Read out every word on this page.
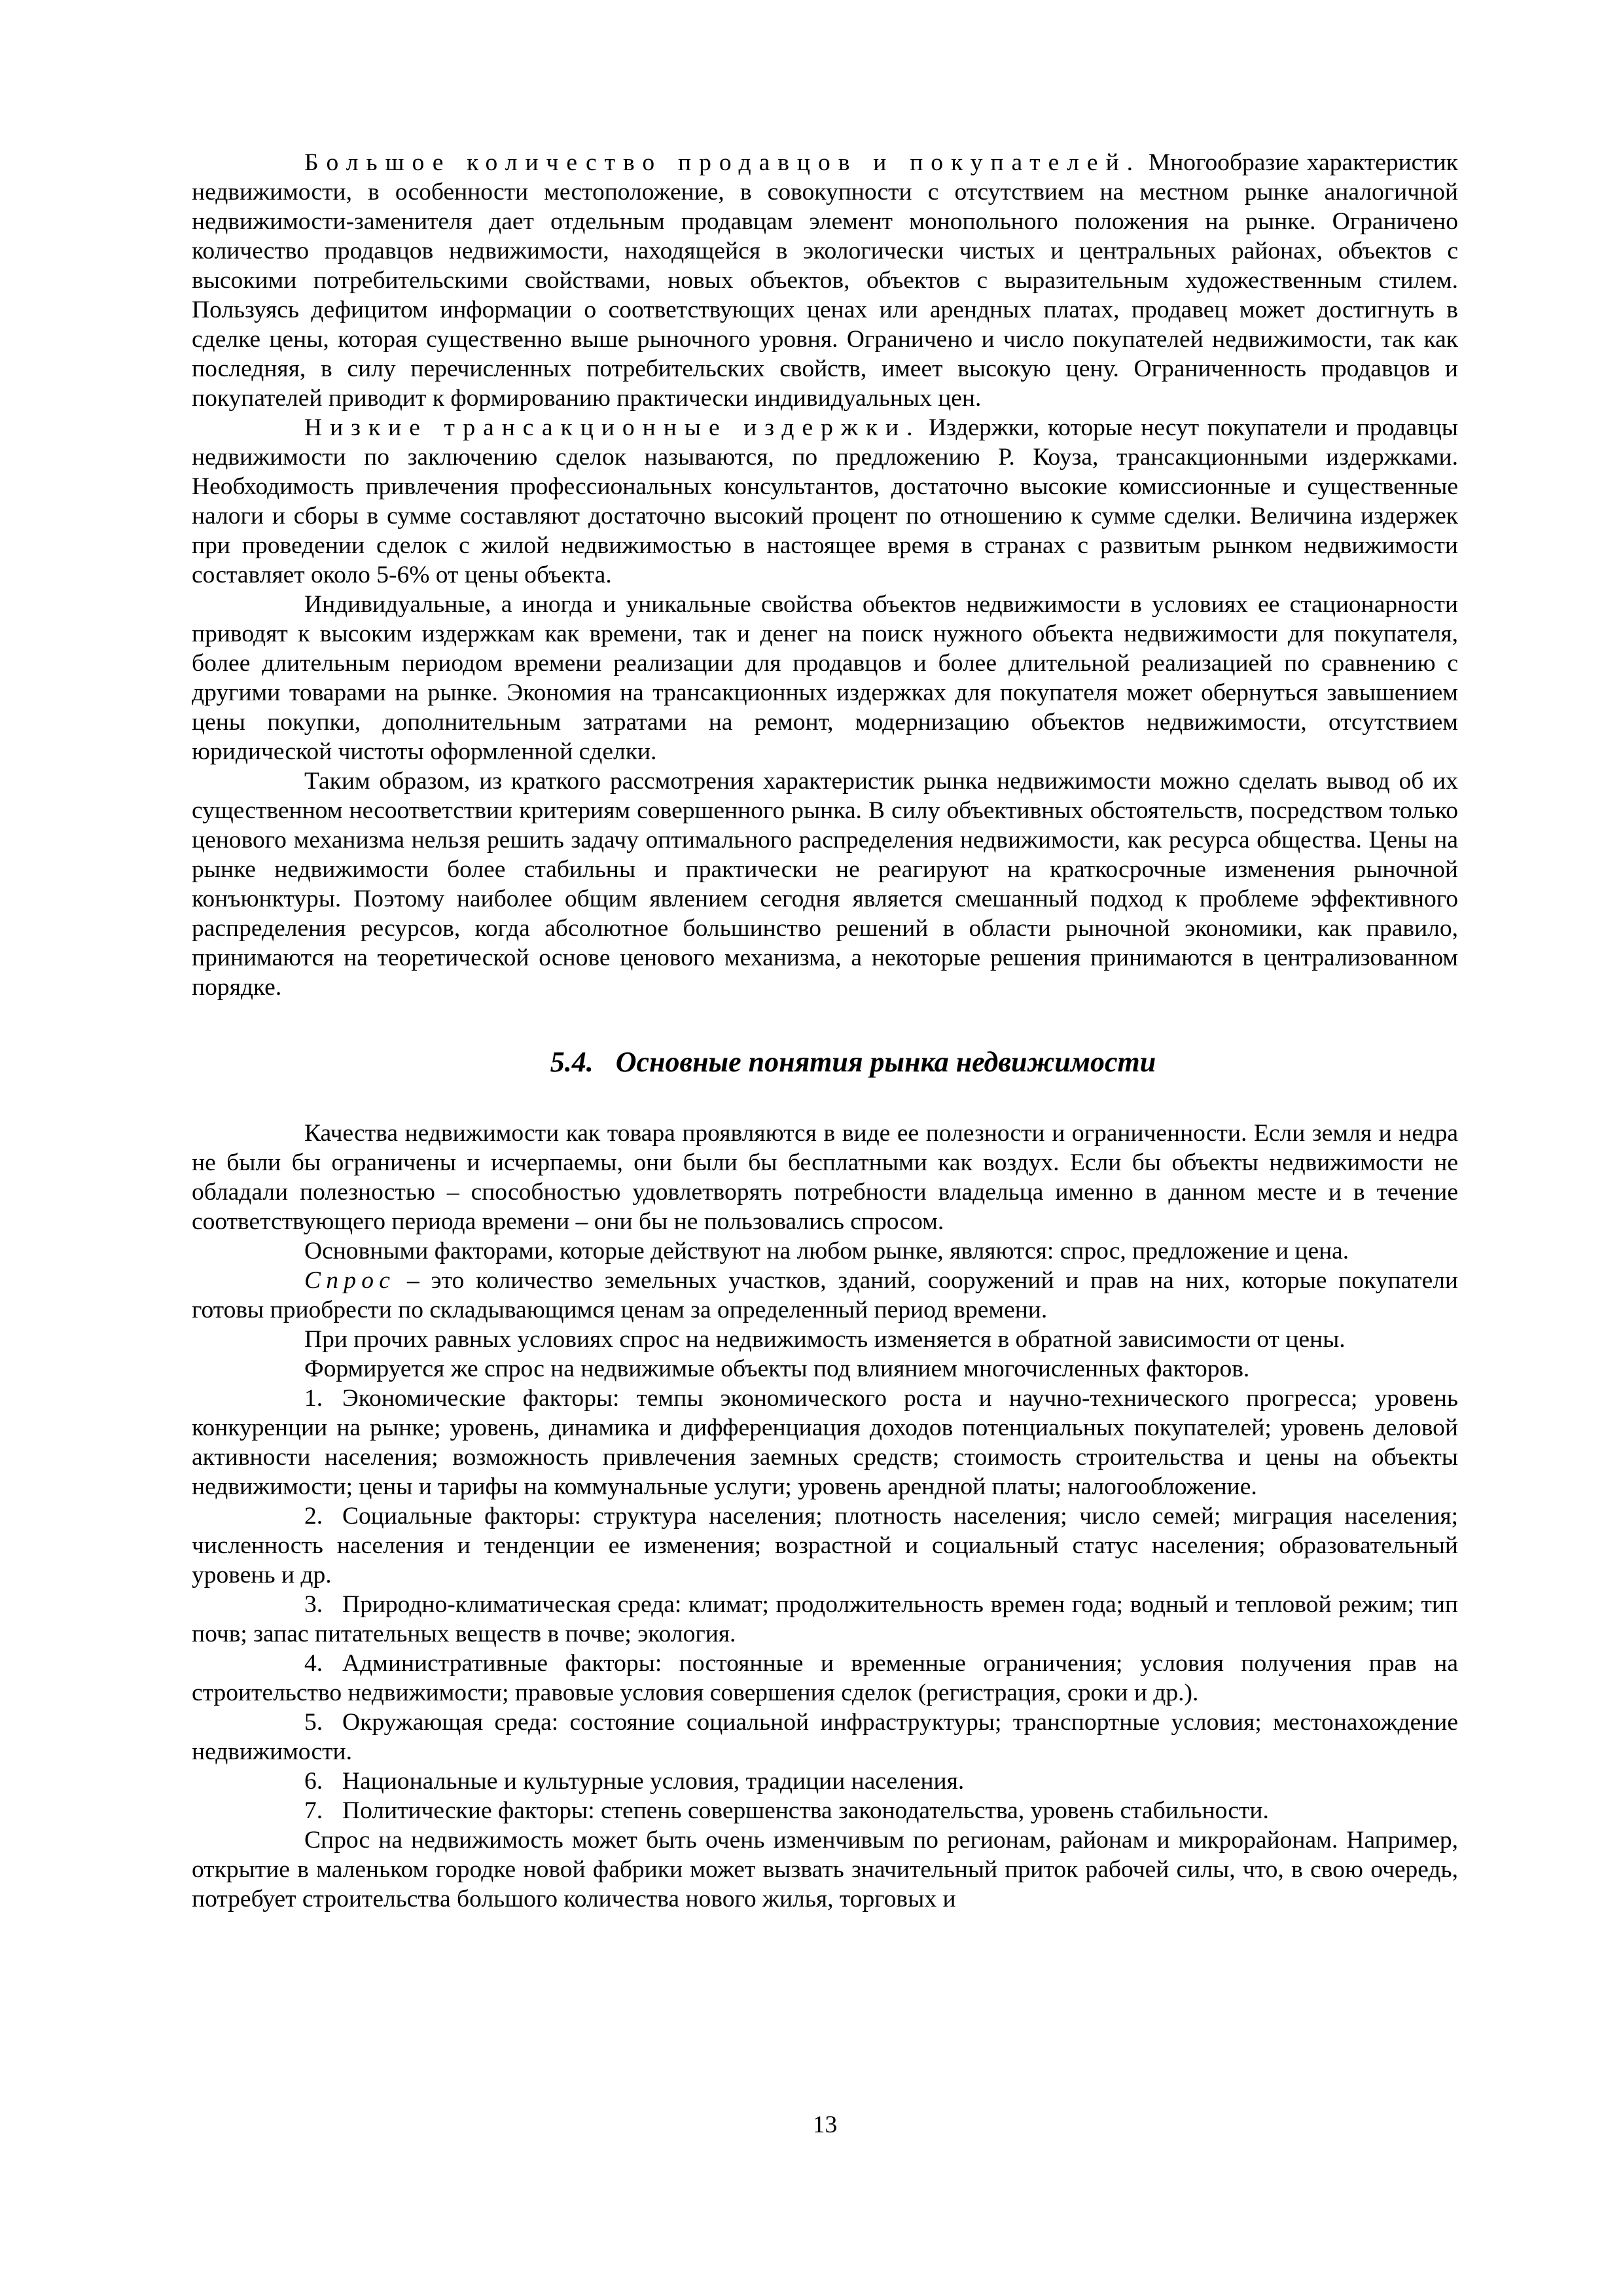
Большое количество продавцов и покупателей. Многообразие характеристик недвижимости, в особенности местоположение, в совокупности с отсутствием на местном рынке аналогичной недвижимости-заменителя дает отдельным продавцам элемент монопольного положения на рынке. Ограничено количество продавцов недвижимости, находящейся в экологически чистых и центральных районах, объектов с высокими потребительскими свойствами, новых объектов, объектов с выразительным художественным стилем. Пользуясь дефицитом информации о соответствующих ценах или арендных платах, продавец может достигнуть в сделке цены, которая существенно выше рыночного уровня. Ограничено и число покупателей недвижимости, так как последняя, в силу перечисленных потребительских свойств, имеет высокую цену. Ограниченность продавцов и покупателей приводит к формированию практически индивидуальных цен.

Низкие трансакционные издержки. Издержки, которые несут покупатели и продавцы недвижимости по заключению сделок называются, по предложению Р. Коуза, трансакционными издержками. Необходимость привлечения профессиональных консультантов, достаточно высокие комиссионные и существенные налоги и сборы в сумме составляют достаточно высокий процент по отношению к сумме сделки. Величина издержек при проведении сделок с жилой недвижимостью в настоящее время в странах с развитым рынком недвижимости составляет около 5-6% от цены объекта.

Индивидуальные, а иногда и уникальные свойства объектов недвижимости в условиях ее стационарности приводят к высоким издержкам как времени, так и денег на поиск нужного объекта недвижимости для покупателя, более длительным периодом времени реализации для продавцов и более длительной реализацией по сравнению с другими товарами на рынке. Экономия на трансакционных издержках для покупателя может обернуться завышением цены покупки, дополнительным затратами на ремонт, модернизацию объектов недвижимости, отсутствием юридической чистоты оформленной сделки.

Таким образом, из краткого рассмотрения характеристик рынка недвижимости можно сделать вывод об их существенном несоответствии критериям совершенного рынка. В силу объективных обстоятельств, посредством только ценового механизма нельзя решить задачу оптимального распределения недвижимости, как ресурса общества. Цены на рынке недвижимости более стабильны и практически не реагируют на краткосрочные изменения рыночной конъюнктуры. Поэтому наиболее общим явлением сегодня является смешанный подход к проблеме эффективного распределения ресурсов, когда абсолютное большинство решений в области рыночной экономики, как правило, принимаются на теоретической основе ценового механизма, а некоторые решения принимаются в централизованном порядке.

5.4. Основные понятия рынка недвижимости

Качества недвижимости как товара проявляются в виде ее полезности и ограниченности. Если земля и недра не были бы ограничены и исчерпаемы, они были бы бесплатными как воздух. Если бы объекты недвижимости не обладали полезностью – способностью удовлетворять потребности владельца именно в данном месте и в течение соответствующего периода времени – они бы не пользовались спросом.

Основными факторами, которые действуют на любом рынке, являются: спрос, предложение и цена.

Спрос – это количество земельных участков, зданий, сооружений и прав на них, которые покупатели готовы приобрести по складывающимся ценам за определенный период времени.

При прочих равных условиях спрос на недвижимость изменяется в обратной зависимости от цены.

Формируется же спрос на недвижимые объекты под влиянием многочисленных факторов.

1. Экономические факторы: темпы экономического роста и научно-технического прогресса; уровень конкуренции на рынке; уровень, динамика и дифференциация доходов потенциальных покупателей; уровень деловой активности населения; возможность привлечения заемных средств; стоимость строительства и цены на объекты недвижимости; цены и тарифы на коммунальные услуги; уровень арендной платы; налогообложение.

2. Социальные факторы: структура населения; плотность населения; число семей; миграция населения; численность населения и тенденции ее изменения; возрастной и социальный статус населения; образовательный уровень и др.

3. Природно-климатическая среда: климат; продолжительность времен года; водный и тепловой режим; тип почв; запас питательных веществ в почве; экология.

4. Административные факторы: постоянные и временные ограничения; условия получения прав на строительство недвижимости; правовые условия совершения сделок (регистрация, сроки и др.).

5. Окружающая среда: состояние социальной инфраструктуры; транспортные условия; местонахождение недвижимости.

6. Национальные и культурные условия, традиции населения.

7. Политические факторы: степень совершенства законодательства, уровень стабильности.

Спрос на недвижимость может быть очень изменчивым по регионам, районам и микрорайонам. Например, открытие в маленьком городке новой фабрики может вызвать значительный приток рабочей силы, что, в свою очередь, потребует строительства большого количества нового жилья, торговых и

13
